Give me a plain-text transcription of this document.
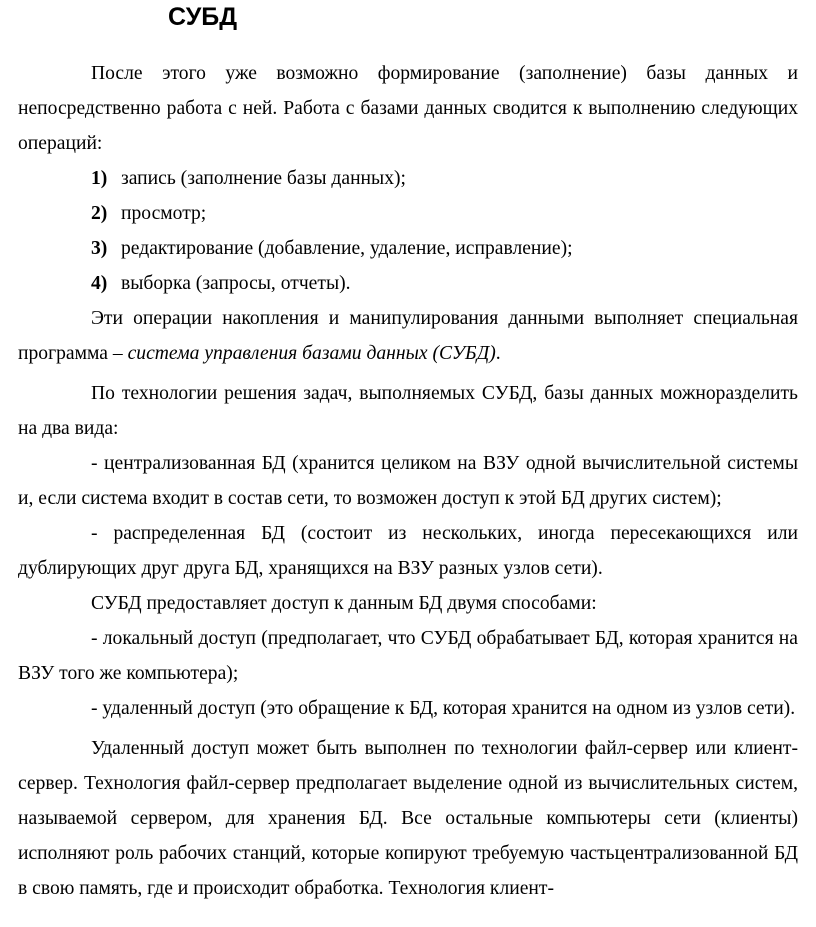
СУБД

После этого уже возможно формирование (заполнение) базы данных и непосредственно работа с ней. Работа с базами данных сводится к выполнению следующих операций:

1) запись (заполнение базы данных);
2) просмотр;
3) редактирование (добавление, удаление, исправление);
4) выборка (запросы, отчеты).

Эти операции накопления и манипулирования данными выполняет специальная программа – система управления базами данных (СУБД).

По технологии решения задач, выполняемых СУБД, базы данных можноразделить на два вида:

- централизованная БД (хранится целиком на ВЗУ одной вычислительной системы и, если система входит в состав сети, то возможен доступ к этой БД других систем);

- распределенная БД (состоит из нескольких, иногда пересекающихся или дублирующих друг друга БД, хранящихся на ВЗУ разных узлов сети).

СУБД предоставляет доступ к данным БД двумя способами:

- локальный доступ (предполагает, что СУБД обрабатывает БД, которая хранится на ВЗУ того же компьютера);

- удаленный доступ (это обращение к БД, которая хранится на одном из узлов сети).

Удаленный доступ может быть выполнен по технологии файл-сервер или клиент-сервер. Технология файл-сервер предполагает выделение одной из вычислительных систем, называемой сервером, для хранения БД. Все остальные компьютеры сети (клиенты) исполняют роль рабочих станций, которые копируют требуемую частьцентрализованной БД в свою память, где и происходит обработка. Технология клиент-
